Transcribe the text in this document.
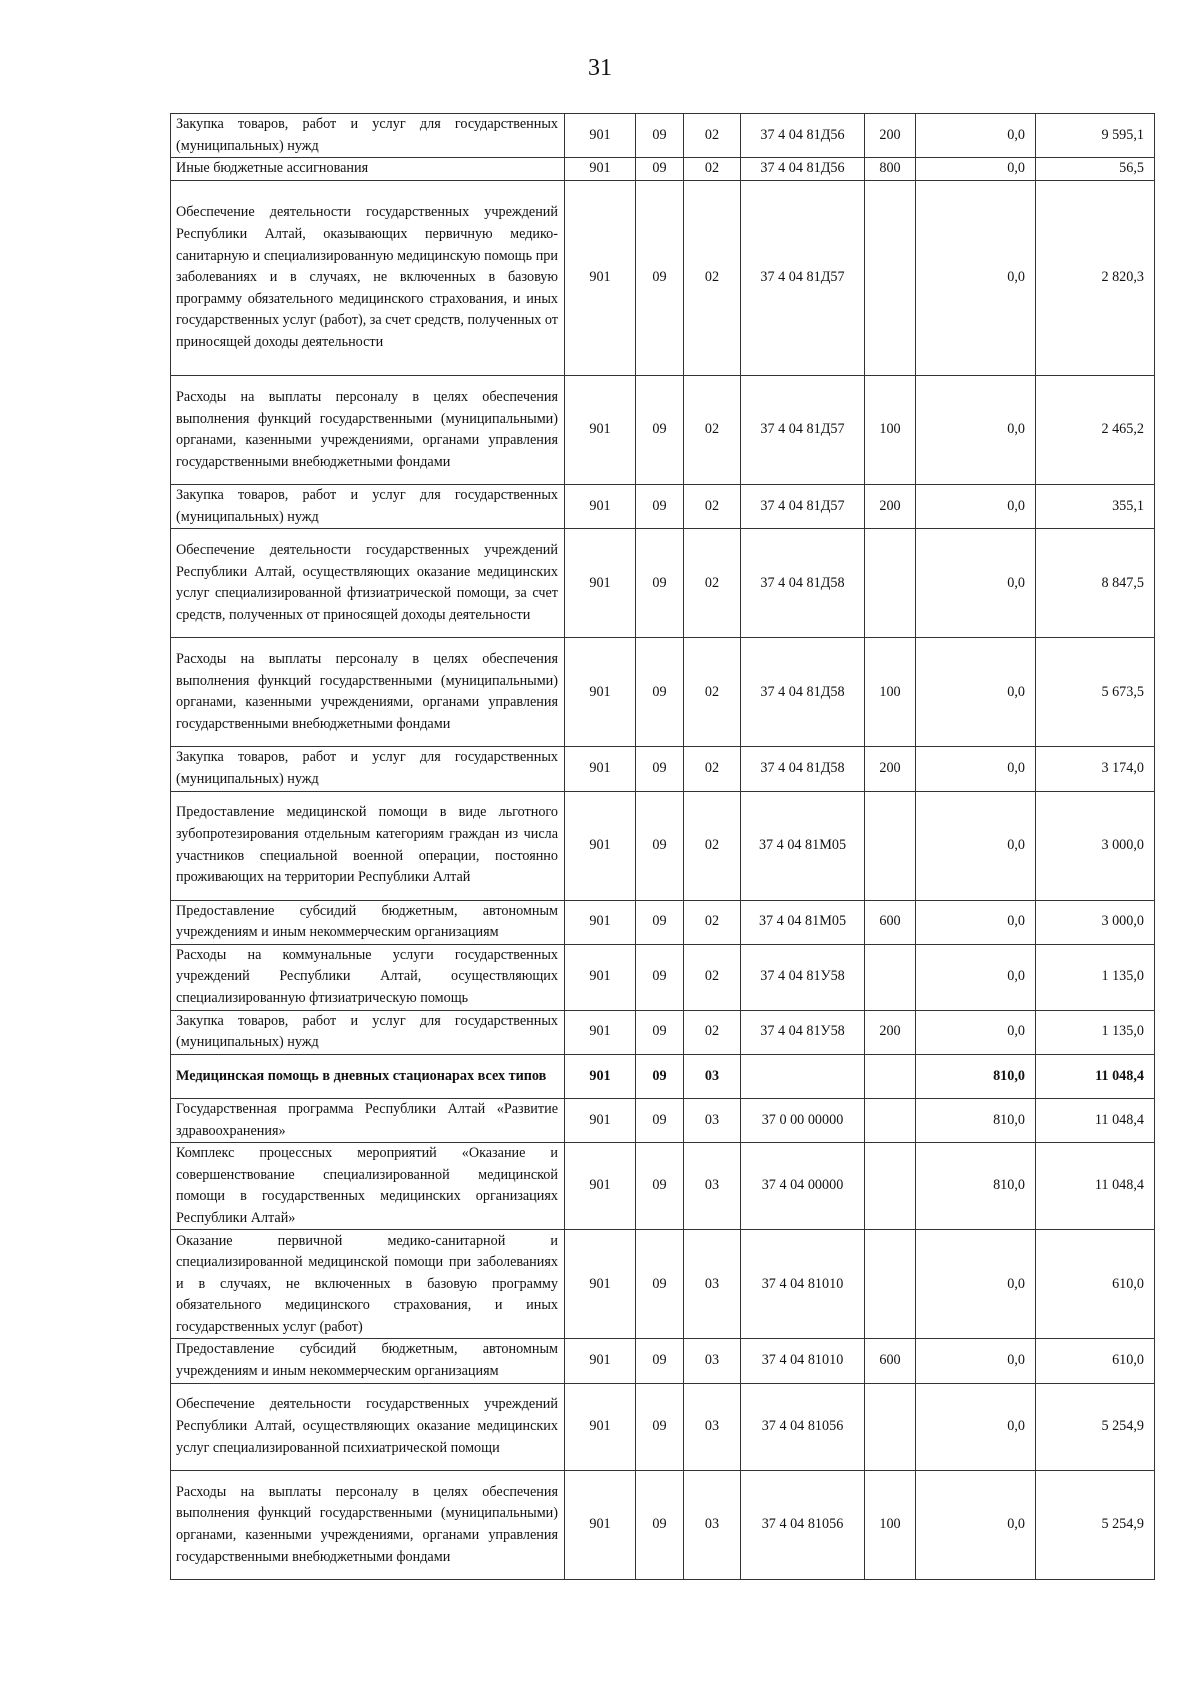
31
Закупка товаров, работ и услуг для государственных (муниципальных) нужд	901	09	02	37 4 04 81Д56	200	0,0	9 595,1
Иные бюджетные ассигнования	901	09	02	37 4 04 81Д56	800	0,0	56,5
Обеспечение деятельности государственных учреждений Республики Алтай, оказывающих первичную медико-санитарную и специализированную медицинскую помощь при заболеваниях и в случаях, не включенных в базовую программу обязательного медицинского страхования, и иных государственных услуг (работ), за счет средств, полученных от приносящей доходы деятельности	901	09	02	37 4 04 81Д57		0,0	2 820,3
Расходы на выплаты персоналу в целях обеспечения выполнения функций государственными (муниципальными) органами, казенными учреждениями, органами управления государственными внебюджетными фондами	901	09	02	37 4 04 81Д57	100	0,0	2 465,2
Закупка товаров, работ и услуг для государственных (муниципальных) нужд	901	09	02	37 4 04 81Д57	200	0,0	355,1
Обеспечение деятельности государственных учреждений Республики Алтай, осуществляющих оказание медицинских услуг специализированной фтизиатрической помощи, за счет средств, полученных от приносящей доходы деятельности	901	09	02	37 4 04 81Д58		0,0	8 847,5
Расходы на выплаты персоналу в целях обеспечения выполнения функций государственными (муниципальными) органами, казенными учреждениями, органами управления государственными внебюджетными фондами	901	09	02	37 4 04 81Д58	100	0,0	5 673,5
Закупка товаров, работ и услуг для государственных (муниципальных) нужд	901	09	02	37 4 04 81Д58	200	0,0	3 174,0
Предоставление медицинской помощи в виде льготного зубопротезирования отдельным категориям граждан из числа участников специальной военной операции, постоянно проживающих на территории Республики Алтай	901	09	02	37 4 04 81М05		0,0	3 000,0
Предоставление субсидий бюджетным, автономным учреждениям и иным некоммерческим организациям	901	09	02	37 4 04 81М05	600	0,0	3 000,0
Расходы на коммунальные услуги государственных учреждений Республики Алтай, осуществляющих специализированную фтизиатрическую помощь	901	09	02	37 4 04 81У58		0,0	1 135,0
Закупка товаров, работ и услуг для государственных (муниципальных) нужд	901	09	02	37 4 04 81У58	200	0,0	1 135,0
Медицинская помощь в дневных стационарах всех типов	901	09	03			810,0	11 048,4
Государственная программа Республики Алтай «Развитие здравоохранения»	901	09	03	37 0 00 00000		810,0	11 048,4
Комплекс процессных мероприятий «Оказание и совершенствование специализированной медицинской помощи в государственных медицинских организациях Республики Алтай»	901	09	03	37 4 04 00000		810,0	11 048,4
Оказание первичной медико-санитарной и специализированной медицинской помощи при заболеваниях и в случаях, не включенных в базовую программу обязательного медицинского страхования, и иных государственных услуг (работ)	901	09	03	37 4 04 81010		0,0	610,0
Предоставление субсидий бюджетным, автономным учреждениям и иным некоммерческим организациям	901	09	03	37 4 04 81010	600	0,0	610,0
Обеспечение деятельности государственных учреждений Республики Алтай, осуществляющих оказание медицинских услуг специализированной психиатрической помощи	901	09	03	37 4 04 81056		0,0	5 254,9
Расходы на выплаты персоналу в целях обеспечения выполнения функций государственными (муниципальными) органами, казенными учреждениями, органами управления государственными внебюджетными фондами	901	09	03	37 4 04 81056	100	0,0	5 254,9
